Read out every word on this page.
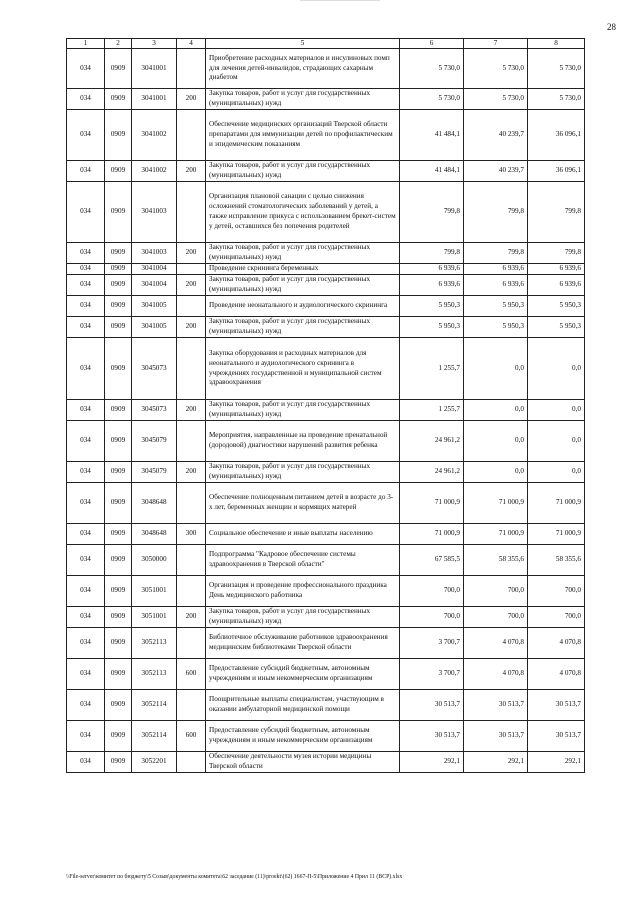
28
1	2	3	4	5	6	7	8
034	0909	3041001		Приобретение расходных материалов и инсулиновых помп для лечения детей-инвалидов, страдающих сахарным диабетом	5 730,0	5 730,0	5 730,0
034	0909	3041001	200	Закупка товаров, работ и услуг для государственных (муниципальных) нужд	5 730,0	5 730,0	5 730,0
034	0909	3041002		Обеспечение медицинских организаций Тверской области препаратами для иммунизации детей по профилактическим и эпидемическим показаниям	41 484,1	40 239,7	36 096,1
034	0909	3041002	200	Закупка товаров, работ и услуг для государственных (муниципальных) нужд	41 484,1	40 239,7	36 096,1
034	0909	3041003		Организация плановой санации с целью снижения осложнений стоматологических заболеваний у детей, а также исправление прикуса с использованием брекет-систем у детей, оставшихся без попечения родителей	799,8	799,8	799,8
034	0909	3041003	200	Закупка товаров, работ и услуг для государственных (муниципальных) нужд	799,8	799,8	799,8
034	0909	3041004		Проведение скрининга беременных	6 939,6	6 939,6	6 939,6
034	0909	3041004	200	Закупка товаров, работ и услуг для государственных (муниципальных) нужд	6 939,6	6 939,6	6 939,6
034	0909	3041005		Проведение неонатального и аудиологического скрининга	5 950,3	5 950,3	5 950,3
034	0909	3041005	200	Закупка товаров, работ и услуг для государственных (муниципальных) нужд	5 950,3	5 950,3	5 950,3
034	0909	3045073		Закупка оборудования и расходных материалов для неонатального и аудиологического скрининга в учреждениях государственной и муниципальной систем здравоохранения	1 255,7	0,0	0,0
034	0909	3045073	200	Закупка товаров, работ и услуг для государственных (муниципальных) нужд	1 255,7	0,0	0,0
034	0909	3045079		Мероприятия, направленные на проведение пренатальной (дородовой) диагностики нарушений развития ребенка	24 961,2	0,0	0,0
034	0909	3045079	200	Закупка товаров, работ и услуг для государственных (муниципальных) нужд	24 961,2	0,0	0,0
034	0909	3048648		Обеспечение полноценным питанием детей в возрасте до 3-х лет, беременных женщин и кормящих матерей	71 000,9	71 000,9	71 000,9
034	0909	3048648	300	Социальное обеспечение и иные выплаты населению	71 000,9	71 000,9	71 000,9
034	0909	3050000		Подпрограмма "Кадровое обеспечение системы здравоохранения в Тверской области"	67 585,5	58 355,6	58 355,6
034	0909	3051001		Организация и проведение профессионального праздника День медицинского работника	700,0	700,0	700,0
034	0909	3051001	200	Закупка товаров, работ и услуг для государственных (муниципальных) нужд	700,0	700,0	700,0
034	0909	3052113		Библиотечное обслуживание работников здравоохранения медицинским библиотеками Тверской области	3 700,7	4 070,8	4 070,8
034	0909	3052113	600	Предоставление субсидий бюджетным, автономным учреждениям и иным некоммерческим организациям	3 700,7	4 070,8	4 070,8
034	0909	3052114		Поощрительные выплаты специалистам, участвующим в оказании амбулаторной медицинской помощи	30 513,7	30 513,7	30 513,7
034	0909	3052114	600	Предоставление субсидий бюджетным, автономным учреждениям и иным некоммерческим организациям	30 513,7	30 513,7	30 513,7
034	0909	3052201		Обеспечение деятельности музея истории медицины Тверской области	292,1	292,1	292,1
\\File-server\комитет по бюджету\5 Созыв\документы комитета\62 заседание (11)\proekt\(62) 1667-П-5\Приложение 4 Прил 11 (ВСР).xlsx
